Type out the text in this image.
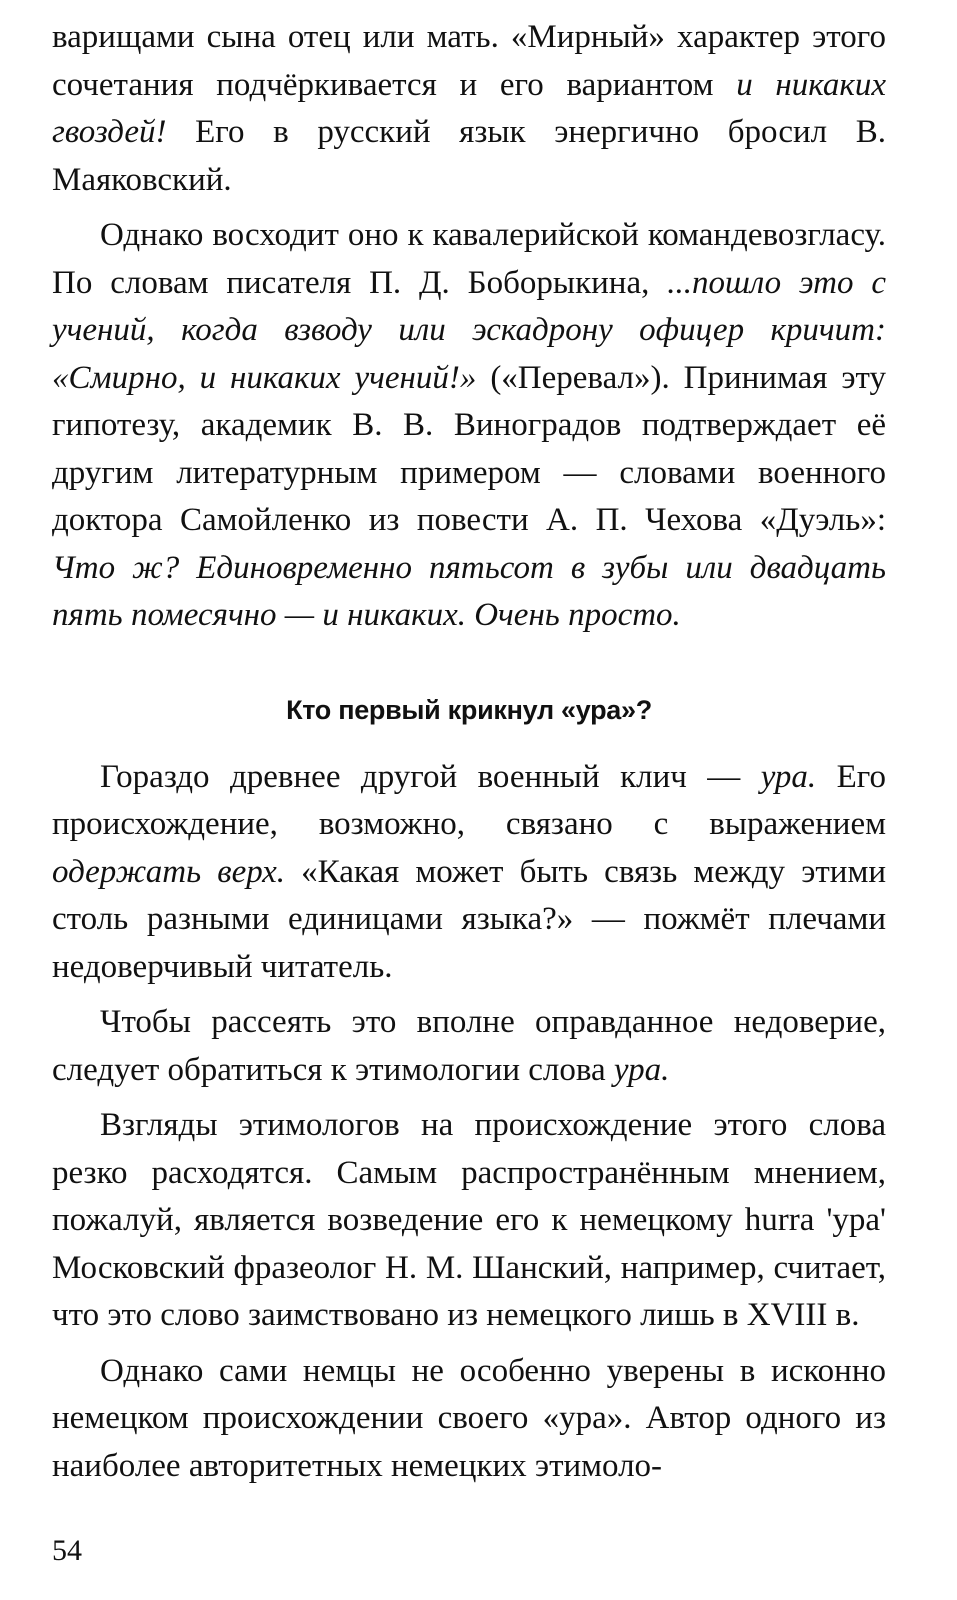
варищами сына отец или мать. «Мирный» характер этого сочетания подчёркивается и его вариантом и никаких гвоздей! Его в русский язык энергично бросил В. Маяковский.

Однако восходит оно к кавалерийской командевозгласу. По словам писателя П. Д. Боборыкина, ...пошло это с учений, когда взводу или эскадрону офицер кричит: «Смирно, и никаких учений!» («Перевал»). Принимая эту гипотезу, академик В. В. Виноградов подтверждает её другим литературным примером — словами военного доктора Самойленко из повести А. П. Чехова «Дуэль»: Что ж? Единовременно пятьсот в зубы или двадцать пять помесячно — и никаких. Очень просто.

Кто первый крикнул «ура»?

Гораздо древнее другой военный клич — ура. Его происхождение, возможно, связано с выражением одержать верх. «Какая может быть связь между этими столь разными единицами языка?» — пожмёт плечами недоверчивый читатель.

Чтобы рассеять это вполне оправданное недоверие, следует обратиться к этимологии слова ура.

Взгляды этимологов на происхождение этого слова резко расходятся. Самым распространённым мнением, пожалуй, является возведение его к немецкому hurra 'ура' Московский фразеолог Н. М. Шанский, например, считает, что это слово заимствовано из немецкого лишь в XVIII в.

Однако сами немцы не особенно уверены в исконно немецком происхождении своего «ура». Автор одного из наиболее авторитетных немецких этимоло-

54
